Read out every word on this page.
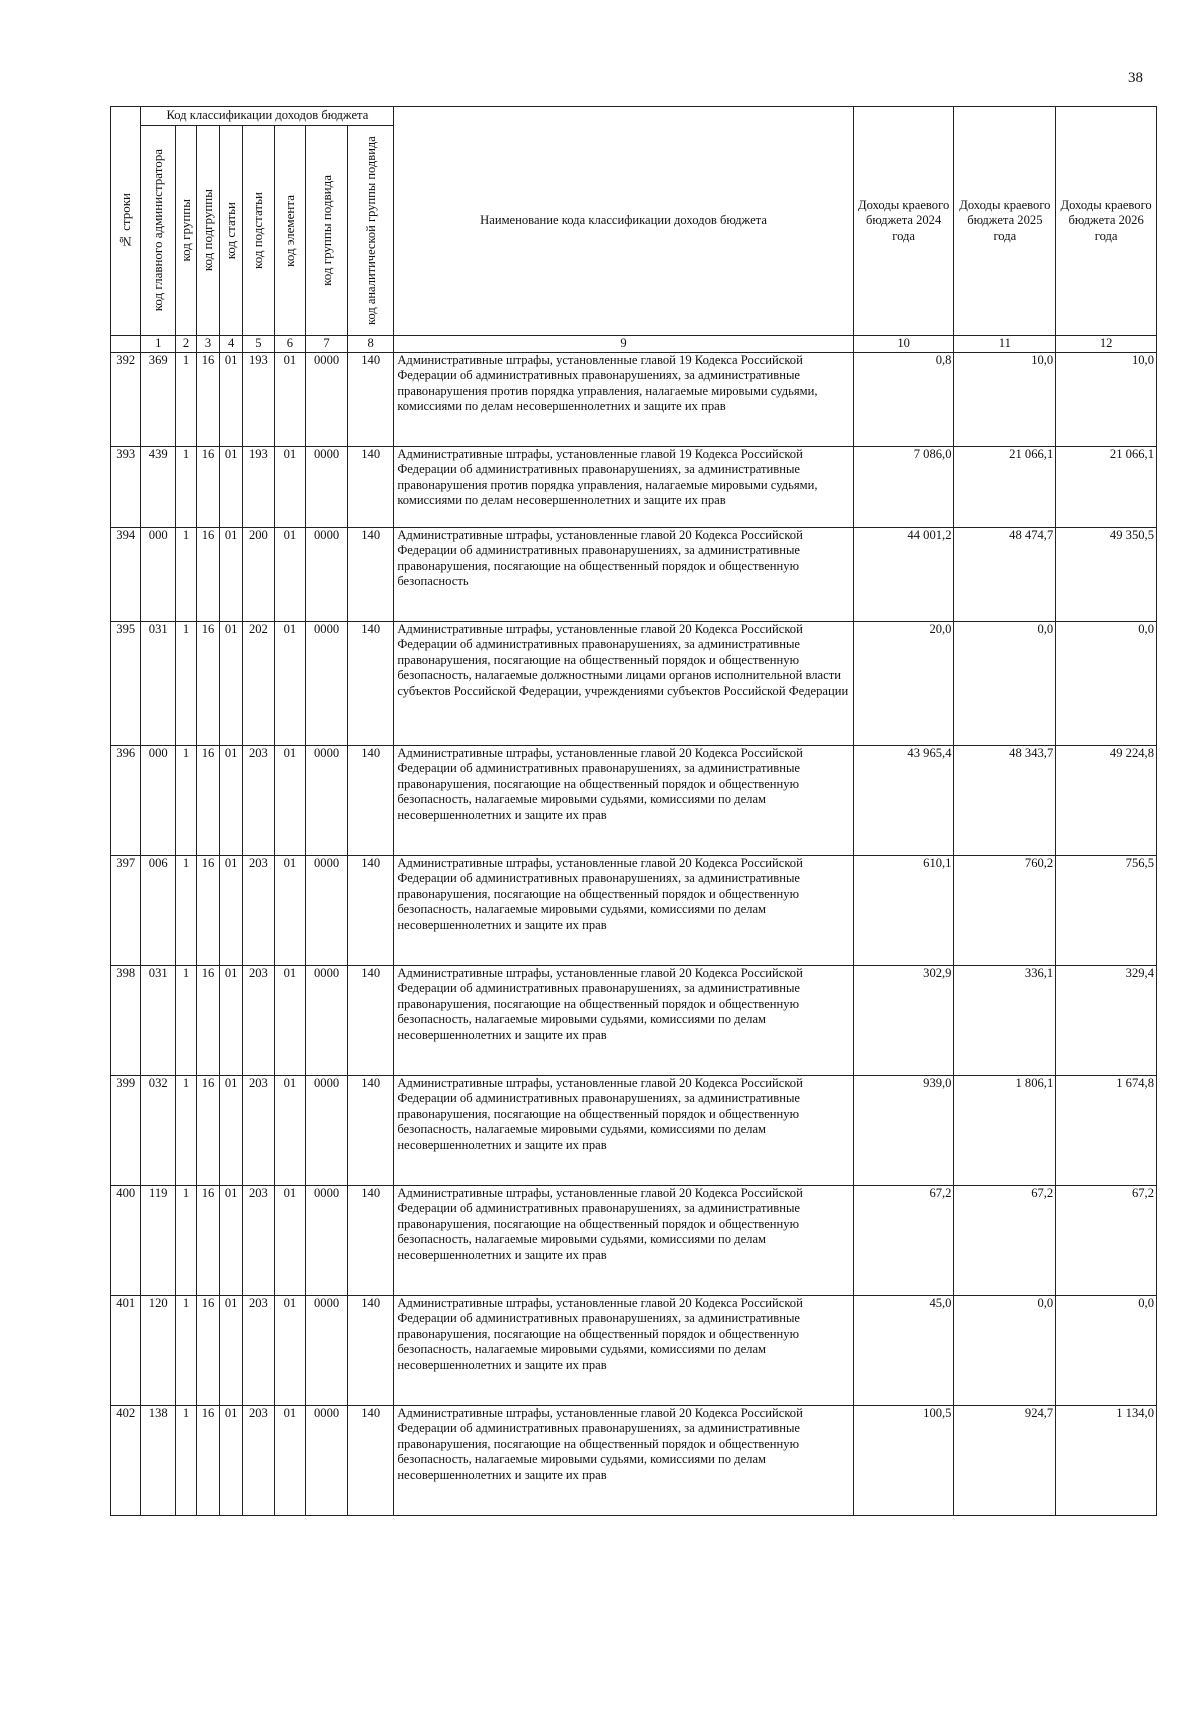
38
№ строки	Код классификации доходов бюджета								Наименование кода классификации доходов бюджета	Доходы краевого бюджета 2024 года	Доходы краевого бюджета 2025 года	Доходы краевого бюджета 2026 года

	код главного администратора	код группы	код подгруппы	код статьи	код подстатьи	код элемента	код группы подвида	код аналитической группы подвида				

	1	2	3	4	5	6	7	8	9	10	11	12
392	369	1	16	01	193	01	0000	140	Административные штрафы, установленные главой 19 Кодекса Российской Федерации об административных правонарушениях, за административные правонарушения против порядка управления, налагаемые мировыми судьями, комиссиями по делам несовершеннолетних и защите их прав	0,8	10,0	10,0
393	439	1	16	01	193	01	0000	140	Административные штрафы, установленные главой 19 Кодекса Российской Федерации об административных правонарушениях, за административные правонарушения против порядка управления, налагаемые мировыми судьями, комиссиями по делам несовершеннолетних и защите их прав	7 086,0	21 066,1	21 066,1
394	000	1	16	01	200	01	0000	140	Административные штрафы, установленные главой 20 Кодекса Российской Федерации об административных правонарушениях, за административные правонарушения, посягающие на общественный порядок и общественную безопасность	44 001,2	48 474,7	49 350,5
395	031	1	16	01	202	01	0000	140	Административные штрафы, установленные главой 20 Кодекса Российской Федерации об административных правонарушениях, за административные правонарушения, посягающие на общественный порядок и общественную безопасность, налагаемые должностными лицами органов исполнительной власти субъектов Российской Федерации, учреждениями субъектов Российской Федерации	20,0	0,0	0,0
396	000	1	16	01	203	01	0000	140	Административные штрафы, установленные главой 20 Кодекса Российской Федерации об административных правонарушениях, за административные правонарушения, посягающие на общественный порядок и общественную безопасность, налагаемые мировыми судьями, комиссиями по делам несовершеннолетних и защите их прав	43 965,4	48 343,7	49 224,8
397	006	1	16	01	203	01	0000	140	Административные штрафы, установленные главой 20 Кодекса Российской Федерации об административных правонарушениях, за административные правонарушения, посягающие на общественный порядок и общественную безопасность, налагаемые мировыми судьями, комиссиями по делам несовершеннолетних и защите их прав	610,1	760,2	756,5
398	031	1	16	01	203	01	0000	140	Административные штрафы, установленные главой 20 Кодекса Российской Федерации об административных правонарушениях, за административные правонарушения, посягающие на общественный порядок и общественную безопасность, налагаемые мировыми судьями, комиссиями по делам несовершеннолетних и защите их прав	302,9	336,1	329,4
399	032	1	16	01	203	01	0000	140	Административные штрафы, установленные главой 20 Кодекса Российской Федерации об административных правонарушениях, за административные правонарушения, посягающие на общественный порядок и общественную безопасность, налагаемые мировыми судьями, комиссиями по делам несовершеннолетних и защите их прав	939,0	1 806,1	1 674,8
400	119	1	16	01	203	01	0000	140	Административные штрафы, установленные главой 20 Кодекса Российской Федерации об административных правонарушениях, за административные правонарушения, посягающие на общественный порядок и общественную безопасность, налагаемые мировыми судьями, комиссиями по делам несовершеннолетних и защите их прав	67,2	67,2	67,2
401	120	1	16	01	203	01	0000	140	Административные штрафы, установленные главой 20 Кодекса Российской Федерации об административных правонарушениях, за административные правонарушения, посягающие на общественный порядок и общественную безопасность, налагаемые мировыми судьями, комиссиями по делам несовершеннолетних и защите их прав	45,0	0,0	0,0
402	138	1	16	01	203	01	0000	140	Административные штрафы, установленные главой 20 Кодекса Российской Федерации об административных правонарушениях, за административные правонарушения, посягающие на общественный порядок и общественную безопасность, налагаемые мировыми судьями, комиссиями по делам несовершеннолетних и защите их прав	100,5	924,7	1 134,0
